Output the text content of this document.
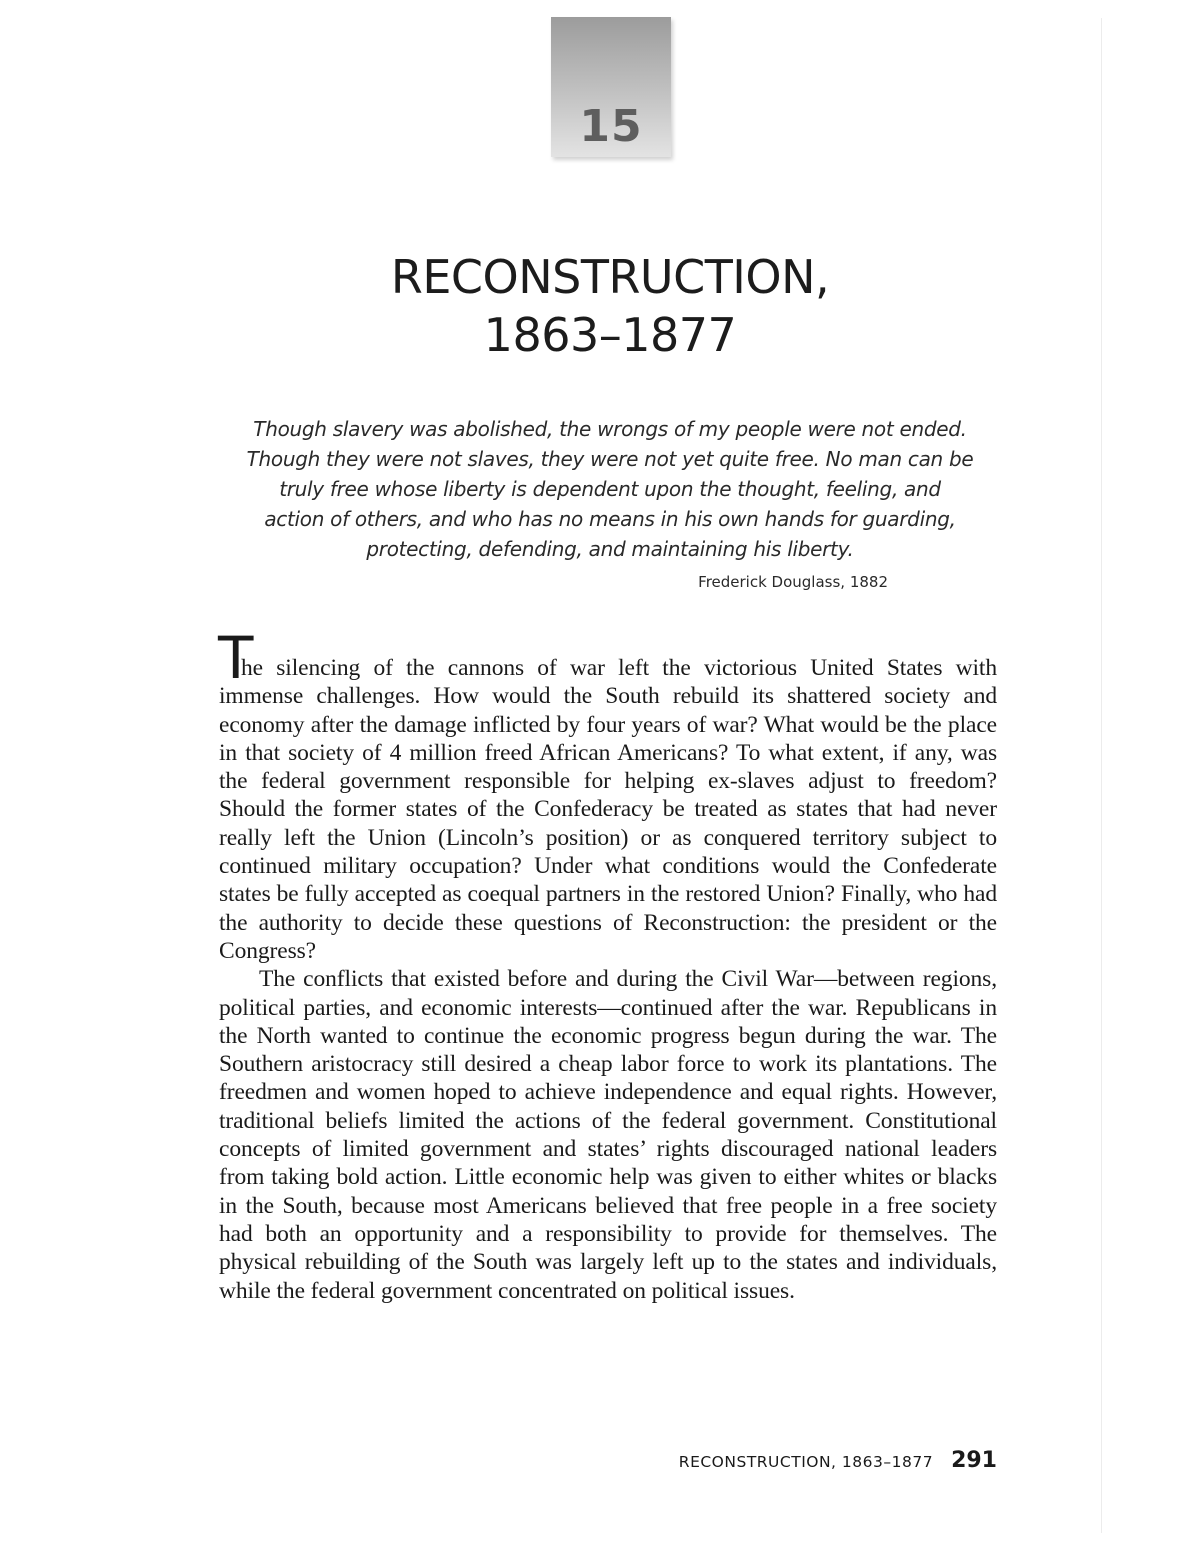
15
RECONSTRUCTION,
1863–1877
Though slavery was abolished, the wrongs of my people were not ended.
Though they were not slaves, they were not yet quite free. No man can be
truly free whose liberty is dependent upon the thought, feeling, and
action of others, and who has no means in his own hands for guarding,
protecting, defending, and maintaining his liberty.
Frederick Douglass, 1882

T
he silencing of the cannons of war left the victorious United States with immense challenges. How would the South rebuild its shattered society and economy after the damage inflicted by four years of war? What would be the place in that society of 4 million freed African Americans? To what extent, if any, was the federal government responsible for helping ex-slaves adjust to freedom? Should the former states of the Confederacy be treated as states that had never really left the Union (Lincoln’s position) or as conquered territory subject to continued military occupation? Under what conditions would the Confederate states be fully accepted as coequal partners in the restored Union? Finally, who had the authority to decide these questions of Reconstruction: the president or the Congress?

The conflicts that existed before and during the Civil War—between regions, political parties, and economic interests—continued after the war. Republicans in the North wanted to continue the economic progress begun during the war. The Southern aristocracy still desired a cheap labor force to work its plantations. The freedmen and women hoped to achieve independence and equal rights. However, traditional beliefs limited the actions of the federal government. Constitutional concepts of limited government and states’ rights discouraged national leaders from taking bold action. Little economic help was given to either whites or blacks in the South, because most Americans believed that free people in a free society had both an opportunity and a responsibility to provide for themselves. The physical rebuilding of the South was largely left up to the states and individuals, while the federal government concentrated on political issues.

RECONSTRUCTION, 1863–1877 291
